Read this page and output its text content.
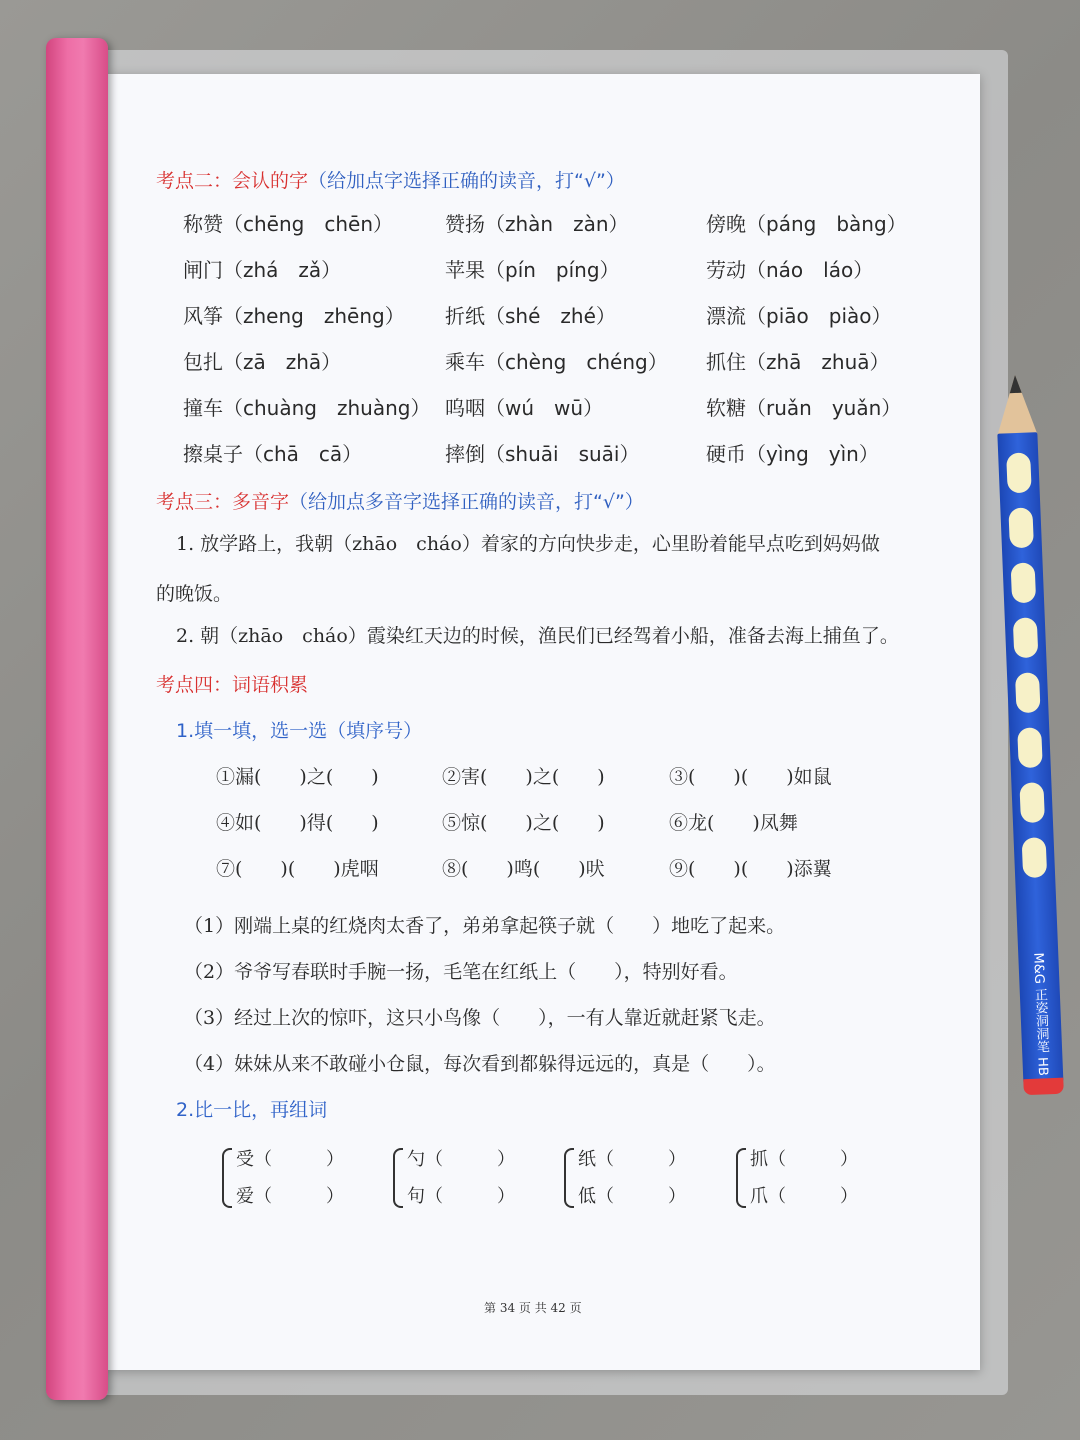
考点二：会认的字（给加点字选择正确的读音，打“√”）
称赞（chēng　chēn）	赞扬（zhàn　zàn）	傍晚（páng　bàng）
闸门（zhá　zǎ）	苹果（pín　píng）	劳动（náo　láo）
风筝（zheng　zhēng） 折纸（shé　zhé）	漂流（piāo　piào）
包扎（zā　zhā）	乘车（chèng　chéng） 抓住（zhā　zhuā）
撞车（chuàng　zhuàng） 呜咽（wú　wū）	软糖（ruǎn　yuǎn）
擦桌子（chā　cā）	摔倒（shuāi　suāi）	硬币（yìng　yìn）
考点三：多音字（给加点多音字选择正确的读音，打“√”）
1. 放学路上，我朝（zhāo　cháo）着家的方向快步走，心里盼着能早点吃到妈妈做
的晚饭。
2. 朝（zhāo　cháo）霞染红天边的时候，渔民们已经驾着小船，准备去海上捕鱼了。
考点四：词语积累
1.填一填，选一选（填序号）
①漏(　　)之(　　)	②害(　　)之(　　)	③(　　)(　　)如鼠
④如(　　)得(　　)	⑤惊(　　)之(　　)	⑥龙(　　)凤舞
⑦(　　)(　　)虎咽	⑧(　　)鸣(　　)吠	⑨(　　)(　　)添翼
（1）刚端上桌的红烧肉太香了，弟弟拿起筷子就（　　）地吃了起来。
（2）爷爷写春联时手腕一扬，毛笔在红纸上（　　），特别好看。
（3）经过上次的惊吓，这只小鸟像（　　），一有人靠近就赶紧飞走。
（4）妹妹从来不敢碰小仓鼠，每次看到都躲得远远的，真是（　　）。
2.比一比，再组词
受（　　　）
爱（　　　）
勺（　　　）
句（　　　）
纸（　　　）
低（　　　）
抓（　　　）
爪（　　　）
第 34 页 共 42 页
M&G 正姿洞洞笔 HB
